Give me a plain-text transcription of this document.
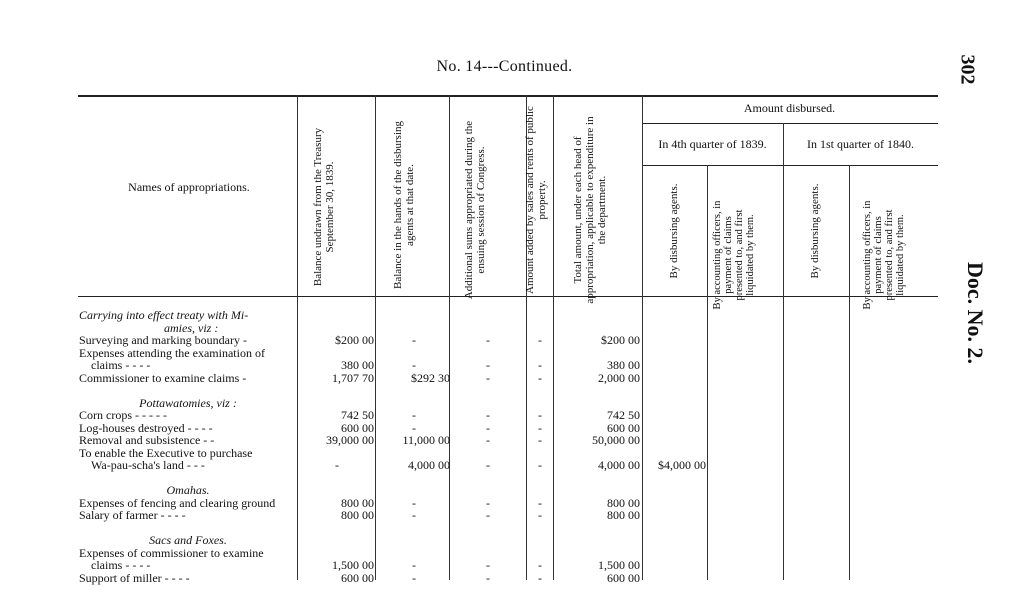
No. 14---Continued.	302
Doc. No. 2.
Names of appropriations.	Balance undrawn from the Treasury September 30, 1839.	Balance in the hands of the disbursing agents at that date.	Additional sums appropriated during the ensuing session of Congress.	Amount added by sales and rents of public property.	Total amount, under each head of appropriation, applicable to expenditure in the department.
Amount disbursed.
In 4th quarter of 1839.	In 1st quarter of 1840.
By disbursing agents.	By accounting officers, in payment of claims presented to, and first liquidated by them.	By disbursing agents.	By accounting officers, in payment of claims presented to, and first liquidated by them.
Carrying into effect treaty with Mi-
amies, viz :
Surveying and marking boundary -	$200 00	-	-	-	$200 00
Expenses attending the examination of
claims - - - -	380 00	-	-	-	380 00
Commissioner to examine claims -	1,707 70	$292 30	-	-	2,000 00
Pottawatomies, viz :
Corn crops - - - - -	742 50	-	-	-	742 50
Log-houses destroyed - - - -	600 00	-	-	-	600 00
Removal and subsistence - -	39,000 00	11,000 00	-	-	50,000 00
To enable the Executive to purchase
Wa-pau-scha's land - - -	-	4,000 00	-	-	4,000 00	$4,000 00
Omahas.
Expenses of fencing and clearing ground	800 00	-	-	-	800 00
Salary of farmer - - - -	800 00	-	-	-	800 00
Sacs and Foxes.
Expenses of commissioner to examine
claims - - - -	1,500 00	-	-	-	1,500 00
Support of miller - - - -	600 00	-	-	-	600 00
